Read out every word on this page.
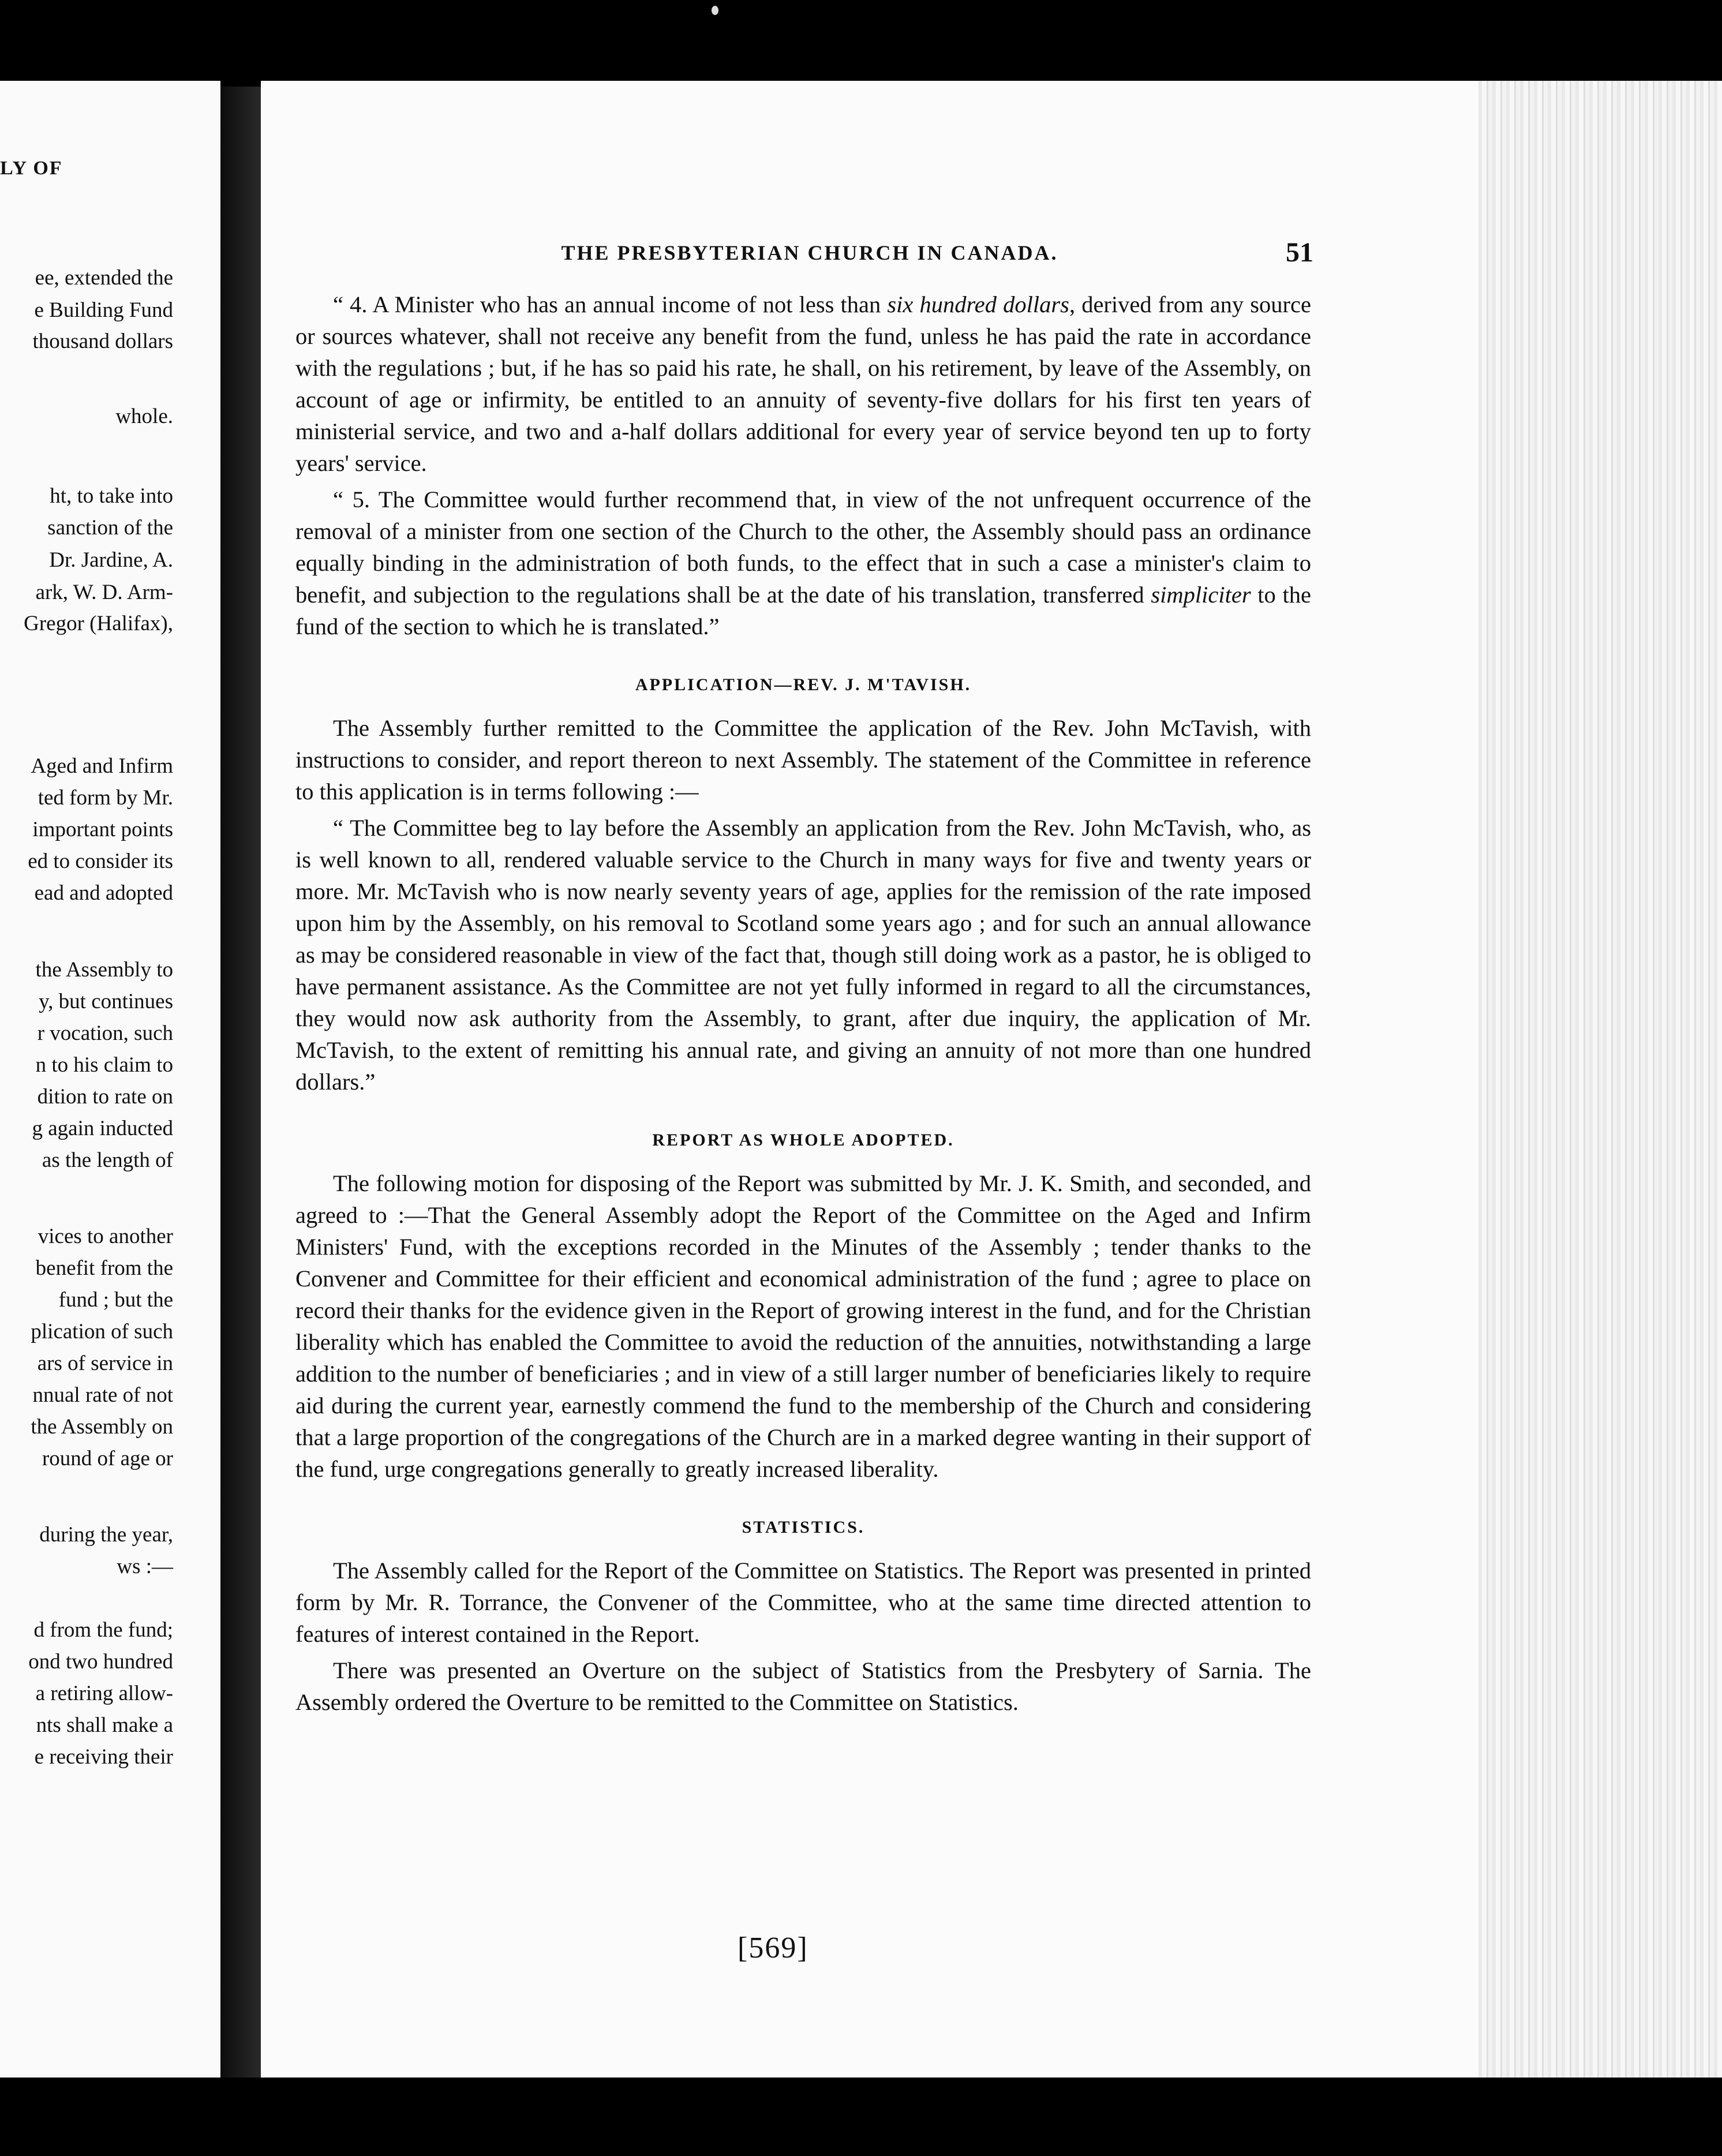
LY OF
ee, extended the
e Building Fund
thousand dollars
whole.
ht, to take into
sanction of the
Dr. Jardine, A.
ark, W. D. Arm-
Gregor (Halifax),
Aged and Infirm
ted form by Mr.
important points
ed to consider its
ead and adopted
the Assembly to
y, but continues
r vocation, such
n to his claim to
dition to rate on
g again inducted
as the length of
vices to another
benefit from the
fund ; but the
plication of such
ars of service in
nnual rate of not
the Assembly on
round of age or
during the year,
ws :—
d from the fund;
ond two hundred
a retiring allow-
nts shall make a
e receiving their
THE PRESBYTERIAN CHURCH IN CANADA.	51

“ 4. A Minister who has an annual income of not less than six hundred dollars, derived from any source or sources whatever, shall not receive any benefit from the fund, unless he has paid the rate in accordance with the regulations ; but, if he has so paid his rate, he shall, on his retirement, by leave of the Assembly, on account of age or infirmity, be entitled to an annuity of seventy-five dollars for his first ten years of ministerial service, and two and a-half dollars additional for every year of service beyond ten up to forty years' service.

“ 5. The Committee would further recommend that, in view of the not unfrequent occurrence of the removal of a minister from one section of the Church to the other, the Assembly should pass an ordinance equally binding in the administration of both funds, to the effect that in such a case a minister's claim to benefit, and subjection to the regulations shall be at the date of his translation, transferred simpliciter to the fund of the section to which he is translated.”

APPLICATION—REV. J. M'TAVISH.

The Assembly further remitted to the Committee the application of the Rev. John McTavish, with instructions to consider, and report thereon to next Assembly. The statement of the Committee in reference to this application is in terms following :—

“ The Committee beg to lay before the Assembly an application from the Rev. John McTavish, who, as is well known to all, rendered valuable service to the Church in many ways for five and twenty years or more. Mr. McTavish who is now nearly seventy years of age, applies for the remission of the rate imposed upon him by the Assembly, on his removal to Scotland some years ago ; and for such an annual allowance as may be considered reasonable in view of the fact that, though still doing work as a pastor, he is obliged to have permanent assistance. As the Committee are not yet fully informed in regard to all the circumstances, they would now ask authority from the Assembly, to grant, after due inquiry, the application of Mr. McTavish, to the extent of remitting his annual rate, and giving an annuity of not more than one hundred dollars.”

REPORT AS WHOLE ADOPTED.

The following motion for disposing of the Report was submitted by Mr. J. K. Smith, and seconded, and agreed to :—That the General Assembly adopt the Report of the Committee on the Aged and Infirm Ministers' Fund, with the exceptions recorded in the Minutes of the Assembly ; tender thanks to the Convener and Committee for their efficient and economical administration of the fund ; agree to place on record their thanks for the evidence given in the Report of growing interest in the fund, and for the Christian liberality which has enabled the Committee to avoid the reduction of the annuities, notwithstanding a large addition to the number of beneficiaries ; and in view of a still larger number of beneficiaries likely to require aid during the current year, earnestly commend the fund to the membership of the Church and considering that a large proportion of the congregations of the Church are in a marked degree wanting in their support of the fund, urge congregations generally to greatly increased liberality.

STATISTICS.

The Assembly called for the Report of the Committee on Statistics. The Report was presented in printed form by Mr. R. Torrance, the Convener of the Committee, who at the same time directed attention to features of interest contained in the Report.

There was presented an Overture on the subject of Statistics from the Presbytery of Sarnia. The Assembly ordered the Overture to be remitted to the Committee on Statistics.

[569]
